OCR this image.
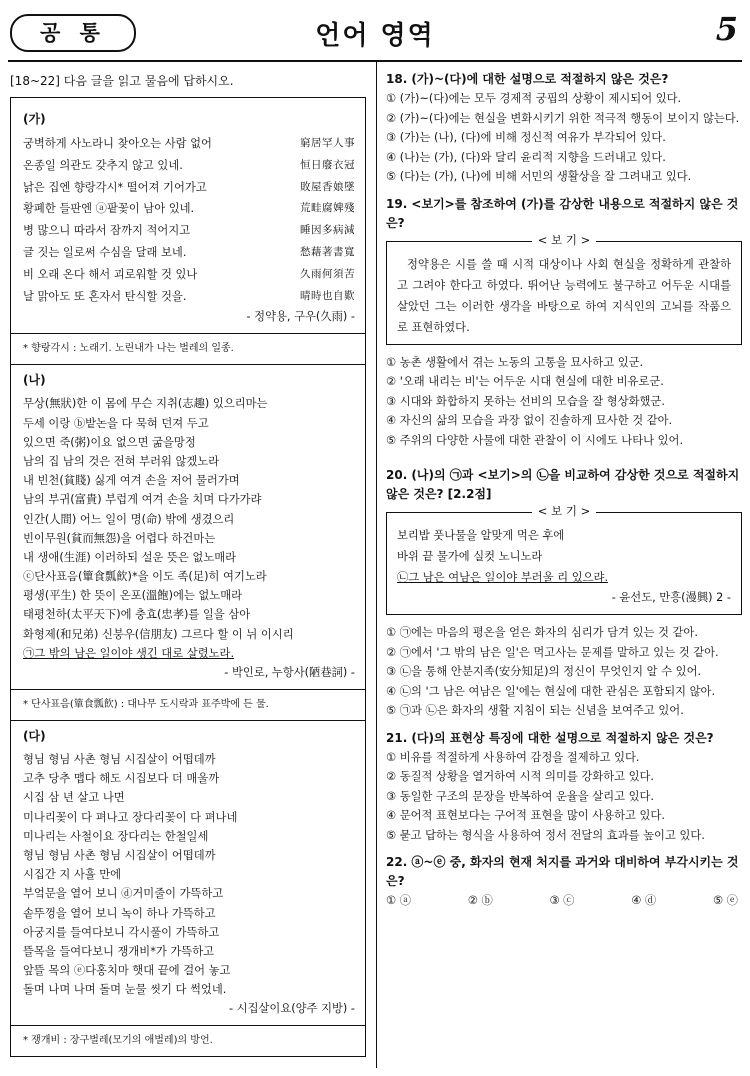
공 통	언어 영역	5
[18~22] 다음 글을 읽고 물음에 답하시오.
(가)
궁벽하게 사노라니 찾아오는 사람 없어	窮居罕人事
온종일 의관도 갖추지 않고 있네.	恒日廢衣冠
낡은 집엔 향랑각시* 떨어져 기어가고	敗屋香娘墜
황폐한 들판엔 ⓐ팥꽃이 남아 있네.	荒畦腐婢殘
병 많으니 따라서 잠까지 적어지고	睡因多病減
글 짓는 일로써 수심을 달래 보네.	愁藉著書寬
비 오래 온다 해서 괴로워할 것 있나	久雨何須苦
날 맑아도 또 혼자서 탄식할 것을.	晴時也自歎
- 정약용, 구우(久雨) -
* 향랑각시 : 노래기. 노린내가 나는 벌레의 일종.
(나)
무상(無狀)한 이 몸에 무슨 지취(志趣) 있으리마는
두세 이랑 ⓑ밭논을 다 묵혀 던져 두고
있으면 죽(粥)이요 없으면 굶을망정
남의 집 남의 것은 전혀 부러워 않겠노라
내 빈천(貧賤) 싫게 여겨 손을 저어 물러가며
남의 부귀(富貴) 부럽게 여겨 손을 치며 다가가랴
인간(人間) 어느 일이 명(命) 밖에 생겼으리
빈이무원(貧而無怨)을 어렵다 하건마는
내 생애(生涯) 이러하되 설운 뜻은 없노매라
ⓒ단사표음(簞食瓢飮)*을 이도 족(足)히 여기노라
평생(平生) 한 뜻이 온포(溫飽)에는 없노매라
태평천하(太平天下)에 충효(忠孝)를 일을 삼아
화형제(和兄弟) 신붕우(信朋友) 그르다 할 이 뉘 이시리
㉠그 밖의 남은 일이야 생긴 대로 살렸노라.
- 박인로, 누항사(陋巷詞) -
* 단사표음(簞食瓢飮) : 대나무 도시락과 표주박에 든 물.
(다)
형님 형님 사촌 형님 시집살이 어떱데까
고추 당추 맵다 해도 시집보다 더 매울까
시집 삼 년 살고 나면
미나리꽃이 다 펴나고 장다리꽃이 다 펴나네
미나리는 사철이요 장다리는 한철일세
형님 형님 사촌 형님 시집살이 어떱데까
시집간 지 사흘 만에
부엌문을 열어 보니 ⓓ거미줄이 가뜩하고
솥뚜껑을 열어 보니 녹이 하나 가뜩하고
아궁지를 들여다보니 각시풀이 가뜩하고
뜰목을 들여다보니 쟁개비*가 가뜩하고
앞뜰 목의 ⓔ다홍치마 햇대 끝에 걸어 놓고
돌며 나며 나며 돌며 눈물 씻기 다 썩었네.
- 시집살이요(양주 지방) -
* 쟁개비 : 장구벌레(모기의 애벌레)의 방언.
18. (가)~(다)에 대한 설명으로 적절하지 않은 것은?
① (가)~(다)에는 모두 경제적 궁핍의 상황이 제시되어 있다.
② (가)~(다)에는 현실을 변화시키기 위한 적극적 행동이 보이지 않는다.
③ (가)는 (나), (다)에 비해 정신적 여유가 부각되어 있다.
④ (나)는 (가), (다)와 달리 윤리적 지향을 드러내고 있다.
⑤ (다)는 (가), (나)에 비해 서민의 생활상을 잘 그려내고 있다.
19. <보기>를 참조하여 (가)를 감상한 내용으로 적절하지 않은 것은?
< 보 기 >
정약용은 시를 쓸 때 시적 대상이나 사회 현실을 정확하게 관찰하고 그려야 한다고 하였다. 뛰어난 능력에도 불구하고 어두운 시대를 살았던 그는 이러한 생각을 바탕으로 하여 지식인의 고뇌를 작품으로 표현하였다.
① 농촌 생활에서 겪는 노동의 고통을 묘사하고 있군.
② '오래 내리는 비'는 어두운 시대 현실에 대한 비유로군.
③ 시대와 화합하지 못하는 선비의 모습을 잘 형상화했군.
④ 자신의 삶의 모습을 과장 없이 진솔하게 묘사한 것 같아.
⑤ 주위의 다양한 사물에 대한 관찰이 이 시에도 나타나 있어.
20. (나)의 ㉠과 <보기>의 ㉡을 비교하여 감상한 것으로 적절하지 않은 것은? [2.2점]
< 보 기 >
보리밥 풋나물을 알맞게 먹은 후에
바위 끝 물가에 실컷 노니노라
㉡그 남은 여남은 일이야 부러울 리 있으랴.
- 윤선도, 만흥(漫興) 2 -
① ㉠에는 마음의 평온을 얻은 화자의 심리가 담겨 있는 것 같아.
② ㉠에서 '그 밖의 남은 일'은 먹고사는 문제를 말하고 있는 것 같아.
③ ㉡을 통해 안분지족(安分知足)의 정신이 무엇인지 알 수 있어.
④ ㉡의 '그 남은 여남은 일'에는 현실에 대한 관심은 포함되지 않아.
⑤ ㉠과 ㉡은 화자의 생활 지침이 되는 신념을 보여주고 있어.
21. (다)의 표현상 특징에 대한 설명으로 적절하지 않은 것은?
① 비유를 적절하게 사용하여 감정을 절제하고 있다.
② 동질적 상황을 열거하여 시적 의미를 강화하고 있다.
③ 동일한 구조의 문장을 반복하여 운율을 살리고 있다.
④ 문어적 표현보다는 구어적 표현을 많이 사용하고 있다.
⑤ 묻고 답하는 형식을 사용하여 정서 전달의 효과를 높이고 있다.
22. ⓐ~ⓔ 중, 화자의 현재 처지를 과거와 대비하여 부각시키는 것은?
① ⓐ	② ⓑ	③ ⓒ	④ ⓓ	⑤ ⓔ
